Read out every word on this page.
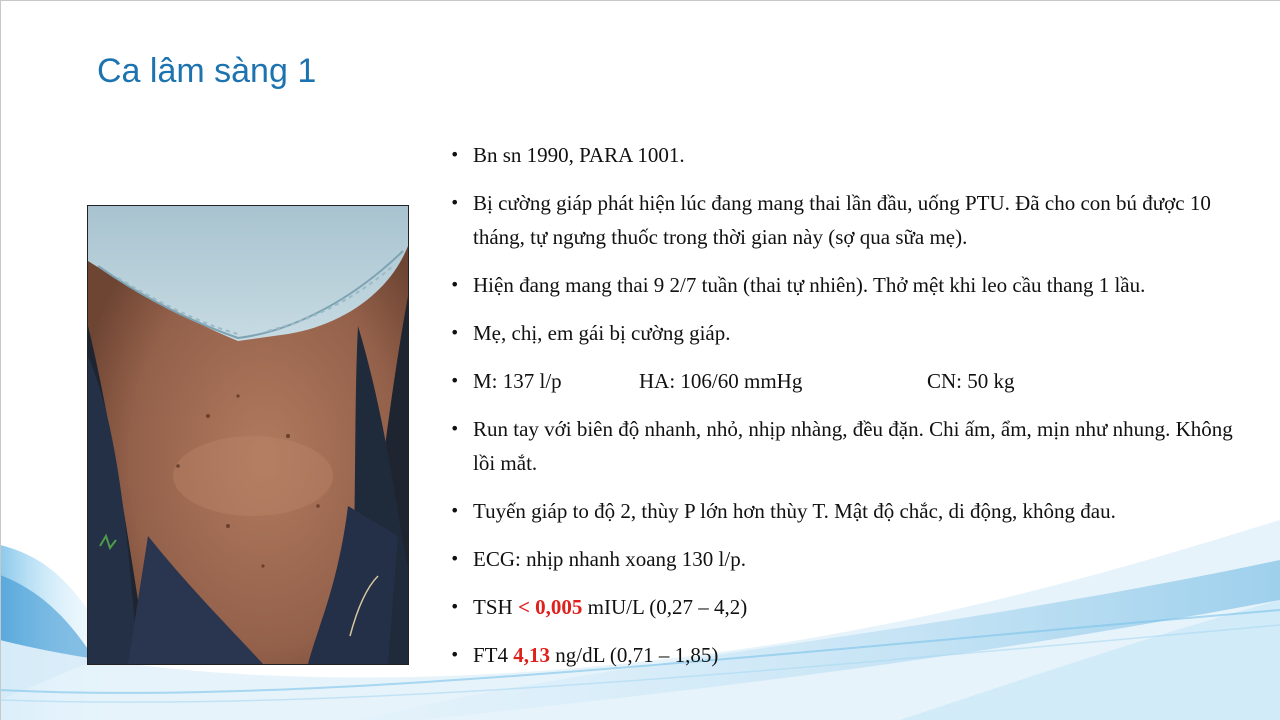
Ca lâm sàng 1
• Bn sn 1990, PARA 1001.
• Bị cường giáp phát hiện lúc đang mang thai lần đầu, uống PTU. Đã cho con bú được 10 tháng, tự ngưng thuốc trong thời gian này (sợ qua sữa mẹ).
• Hiện đang mang thai 9 2/7 tuần (thai tự nhiên). Thở mệt khi leo cầu thang 1 lầu.
• Mẹ, chị, em gái bị cường giáp.
• M: 137 l/p	HA: 106/60 mmHg	CN: 50 kg
• Run tay với biên độ nhanh, nhỏ, nhịp nhàng, đều đặn. Chi ấm, ẩm, mịn như nhung. Không lồi mắt.
• Tuyến giáp to độ 2, thùy P lớn hơn thùy T. Mật độ chắc, di động, không đau.
• ECG: nhịp nhanh xoang 130 l/p.
• TSH < 0,005 mIU/L (0,27 – 4,2)
• FT4 4,13 ng/dL (0,71 – 1,85)
